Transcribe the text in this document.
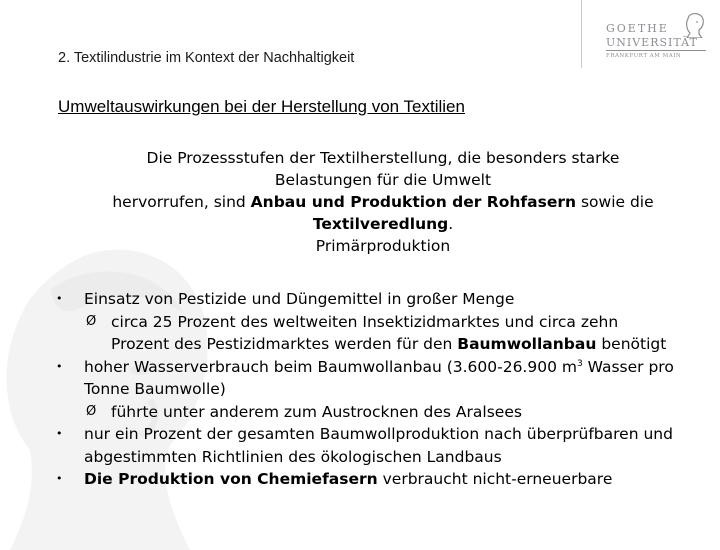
GOETHE
UNIVERSITÄT
FRANKFURT AM MAIN
2. Textilindustrie im Kontext der Nachhaltigkeit
Umweltauswirkungen bei der Herstellung von Textilien

Die Prozessstufen der Textilherstellung, die besonders starke

Belastungen für die Umwelt

hervorrufen, sind Anbau und Produktion der Rohfasern sowie die

Textilveredlung.

Primärproduktion

• Einsatz von Pestizide und Düngemittel in großer Menge
Ø circa 25 Prozent des weltweiten Insektizidmarktes und circa zehn Prozent des Pestizidmarktes werden für den Baumwollanbau benötigt
• hoher Wasserverbrauch beim Baumwollanbau (3.600-26.900 $m^3$ Wasser pro Tonne Baumwolle)
Ø führte unter anderem zum Austrocknen des Aralsees
• nur ein Prozent der gesamten Baumwollproduktion nach überprüfbaren und abgestimmten Richtlinien des ökologischen Landbaus
• Die Produktion von Chemiefasern verbraucht nicht-erneuerbare
